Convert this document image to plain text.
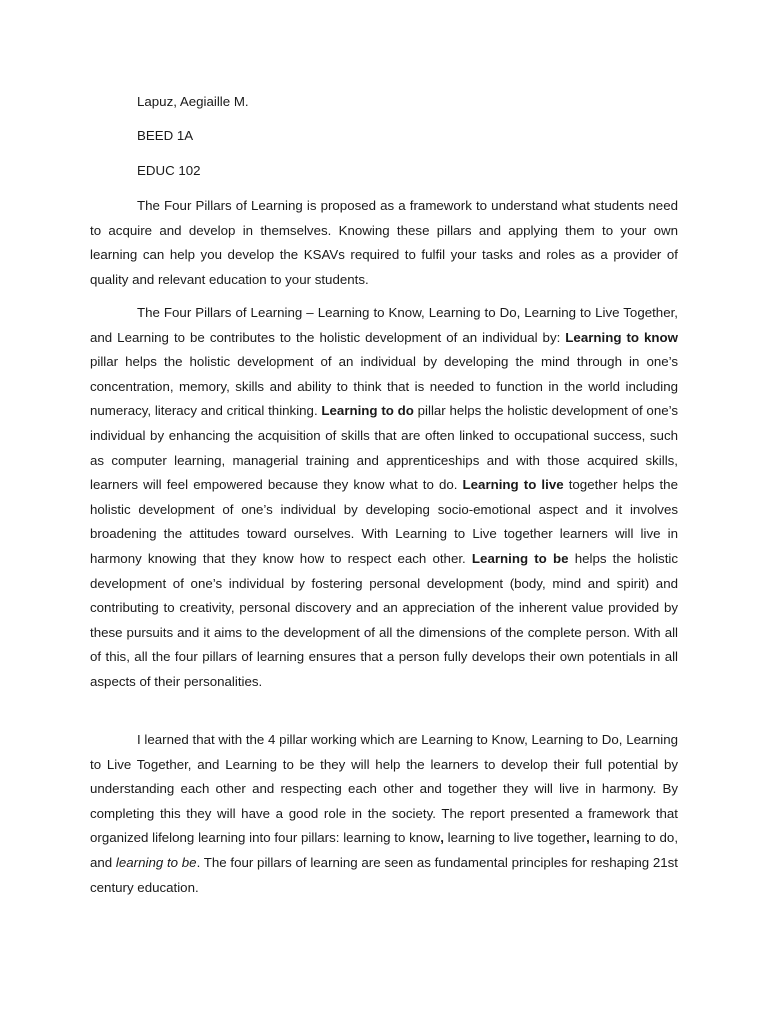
Lapuz, Aegiaille M.
BEED 1A
EDUC 102

The Four Pillars of Learning is proposed as a framework to understand what students need to acquire and develop in themselves. Knowing these pillars and applying them to your own learning can help you develop the KSAVs required to fulfil your tasks and roles as a provider of quality and relevant education to your students.

The Four Pillars of Learning – Learning to Know, Learning to Do, Learning to Live Together, and Learning to be contributes to the holistic development of an individual by: Learning to know pillar helps the holistic development of an individual by developing the mind through in one’s concentration, memory, skills and ability to think that is needed to function in the world including numeracy, literacy and critical thinking. Learning to do pillar helps the holistic development of one’s individual by enhancing the acquisition of skills that are often linked to occupational success, such as computer learning, managerial training and apprenticeships and with those acquired skills, learners will feel empowered because they know what to do. Learning to live together helps the holistic development of one’s individual by developing socio-emotional aspect and it involves broadening the attitudes toward ourselves. With Learning to Live together learners will live in harmony knowing that they know how to respect each other. Learning to be helps the holistic development of one’s individual by fostering personal development (body, mind and spirit) and contributing to creativity, personal discovery and an appreciation of the inherent value provided by these pursuits and it aims to the development of all the dimensions of the complete person. With all of this, all the four pillars of learning ensures that a person fully develops their own potentials in all aspects of their personalities.

I learned that with the 4 pillar working which are Learning to Know, Learning to Do, Learning to Live Together, and Learning to be they will help the learners to develop their full potential by understanding each other and respecting each other and together they will live in harmony. By completing this they will have a good role in the society. The report presented a framework that organized lifelong learning into four pillars: learning to know, learning to live together, learning to do, and learning to be. The four pillars of learning are seen as fundamental principles for reshaping 21st century education.
